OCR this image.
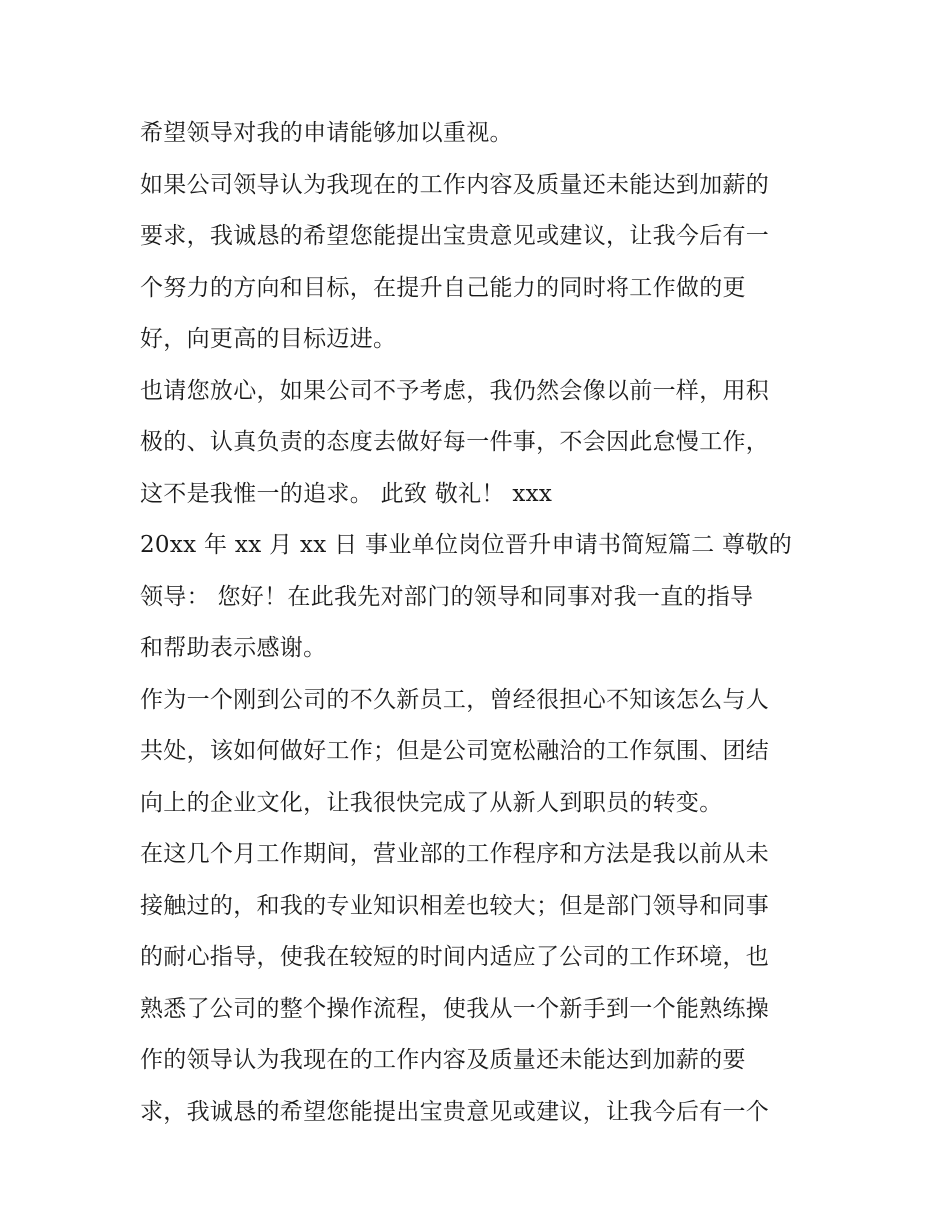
希望领导对我的申请能够加以重视。
如果公司领导认为我现在的工作内容及质量还未能达到加薪的
要求，我诚恳的希望您能提出宝贵意见或建议，让我今后有一
个努力的方向和目标，在提升自己能力的同时将工作做的更
好，向更高的目标迈进。
也请您放心，如果公司不予考虑，我仍然会像以前一样，用积
极的、认真负责的态度去做好每一件事，不会因此怠慢工作，
这不是我惟一的追求。 此致 敬礼！ xxx
20xx 年 xx 月 xx 日 事业单位岗位晋升申请书简短篇二 尊敬的
领导： 您好！在此我先对部门的领导和同事对我一直的指导
和帮助表示感谢。
作为一个刚到公司的不久新员工，曾经很担心不知该怎么与人
共处，该如何做好工作；但是公司宽松融洽的工作氛围、团结
向上的企业文化，让我很快完成了从新人到职员的转变。
在这几个月工作期间，营业部的工作程序和方法是我以前从未
接触过的，和我的专业知识相差也较大；但是部门领导和同事
的耐心指导，使我在较短的时间内适应了公司的工作环境，也
熟悉了公司的整个操作流程，使我从一个新手到一个能熟练操
作的领导认为我现在的工作内容及质量还未能达到加薪的要
求，我诚恳的希望您能提出宝贵意见或建议，让我今后有一个
